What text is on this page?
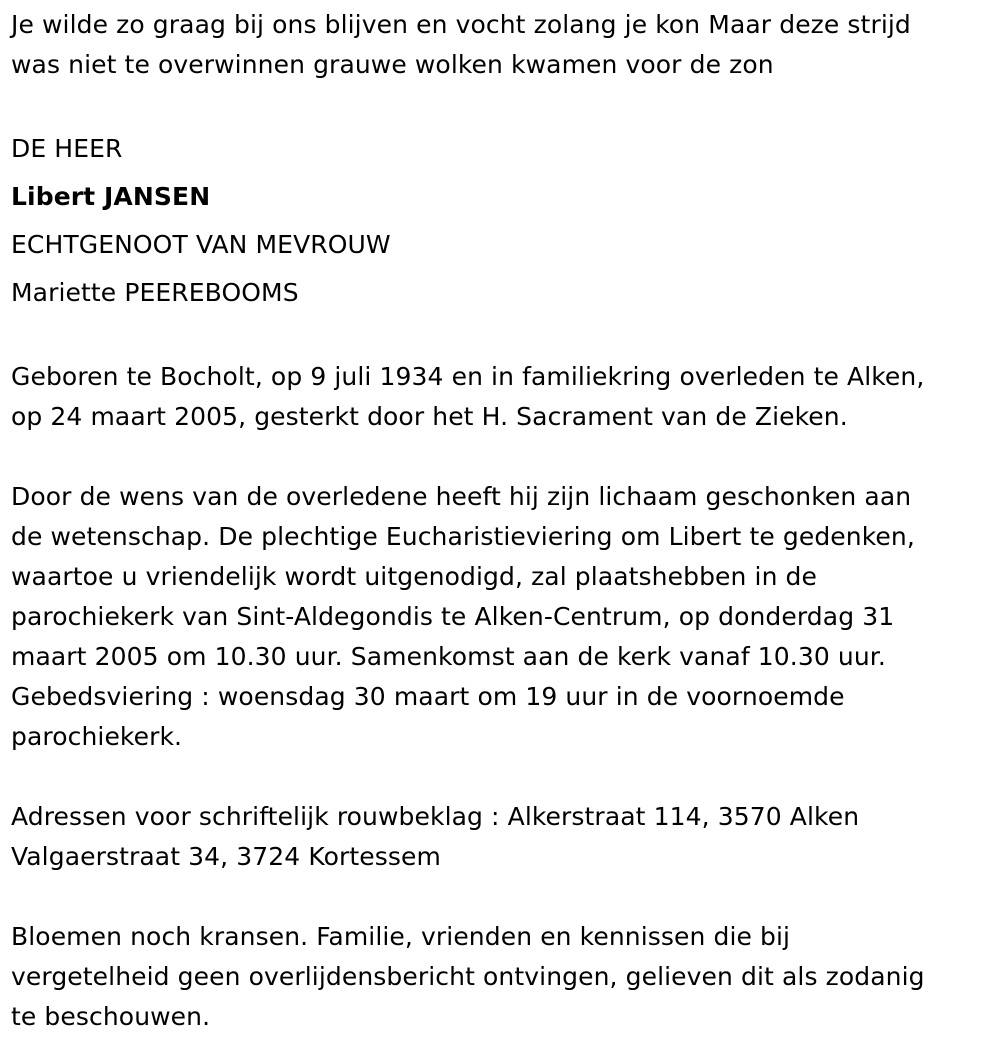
Je wilde zo graag bij ons blijven en vocht zolang je kon Maar deze strijd
was niet te overwinnen grauwe wolken kwamen voor de zon
DE HEER
Libert JANSEN
ECHTGENOOT VAN MEVROUW
Mariette PEEREBOOMS
Geboren te Bocholt, op 9 juli 1934 en in familiekring overleden te Alken,
op 24 maart 2005, gesterkt door het H. Sacrament van de Zieken.
Door de wens van de overledene heeft hij zijn lichaam geschonken aan
de wetenschap. De plechtige Eucharistieviering om Libert te gedenken,
waartoe u vriendelijk wordt uitgenodigd, zal plaatshebben in de
parochiekerk van Sint-Aldegondis te Alken-Centrum, op donderdag 31
maart 2005 om 10.30 uur. Samenkomst aan de kerk vanaf 10.30 uur.
Gebedsviering : woensdag 30 maart om 19 uur in de voornoemde
parochiekerk.
Adressen voor schriftelijk rouwbeklag : Alkerstraat 114, 3570 Alken
Valgaerstraat 34, 3724 Kortessem
Bloemen noch kransen. Familie, vrienden en kennissen die bij
vergetelheid geen overlijdensbericht ontvingen, gelieven dit als zodanig
te beschouwen.
